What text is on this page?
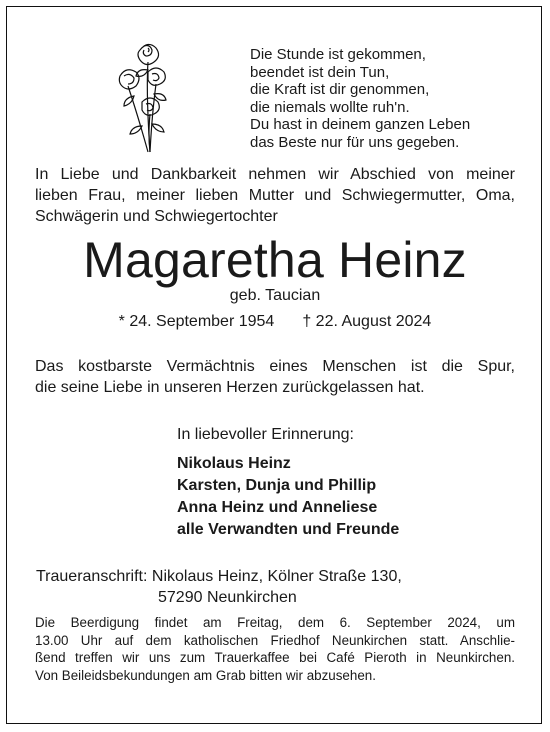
Die Stunde ist gekommen,
beendet ist dein Tun,
die Kraft ist dir genommen,
die niemals wollte ruh'n.
Du hast in deinem ganzen Leben
das Beste nur für uns gegeben.
In Liebe und Dankbarkeit nehmen wir Abschied von meiner
lieben Frau, meiner lieben Mutter und Schwiegermutter, Oma,
Schwägerin und Schwiegertochter
Magaretha Heinz
geb. Taucian
* 24. September 1954 † 22. August 2024
Das kostbarste Vermächtnis eines Menschen ist die Spur,
die seine Liebe in unseren Herzen zurückgelassen hat.
In liebevoller Erinnerung:
Nikolaus Heinz
Karsten, Dunja und Phillip
Anna Heinz und Anneliese
alle Verwandten und Freunde
Traueranschrift: Nikolaus Heinz, Kölner Straße 130,
57290 Neunkirchen
Die Beerdigung findet am Freitag, dem 6. September 2024, um
13.00 Uhr auf dem katholischen Friedhof Neunkirchen statt. Anschlie-
ßend treffen wir uns zum Trauerkaffee bei Café Pieroth in Neunkirchen.
Von Beileidsbekundungen am Grab bitten wir abzusehen.
